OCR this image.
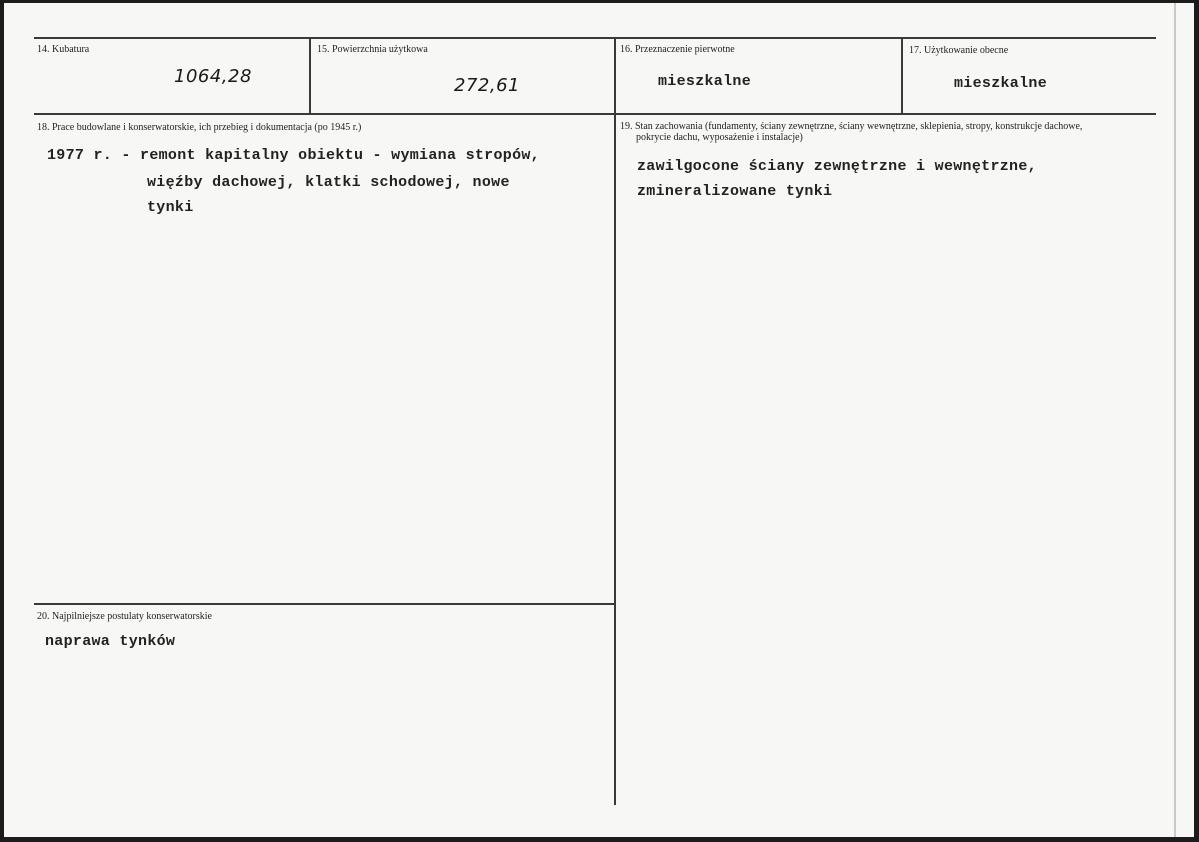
14. Kubatura
1064,28
15. Powierzchnia użytkowa
272,61
16. Przeznaczenie pierwotne
mieszkalne
17. Użytkowanie obecne
mieszkalne
18. Prace budowlane i konserwatorskie, ich przebieg i dokumentacja (po 1945 r.)
1977 r. - remont kapitalny obiektu - wymiana stropów,
więźby dachowej, klatki schodowej, nowe
tynki
19. Stan zachowania (fundamenty, ściany zewnętrzne, ściany wewnętrzne, sklepienia, stropy, konstrukcje dachowe,
pokrycie dachu, wyposażenie i instalacje)
zawilgocone ściany zewnętrzne i wewnętrzne,
zmineralizowane tynki
20. Najpilniejsze postulaty konserwatorskie
naprawa tynków
